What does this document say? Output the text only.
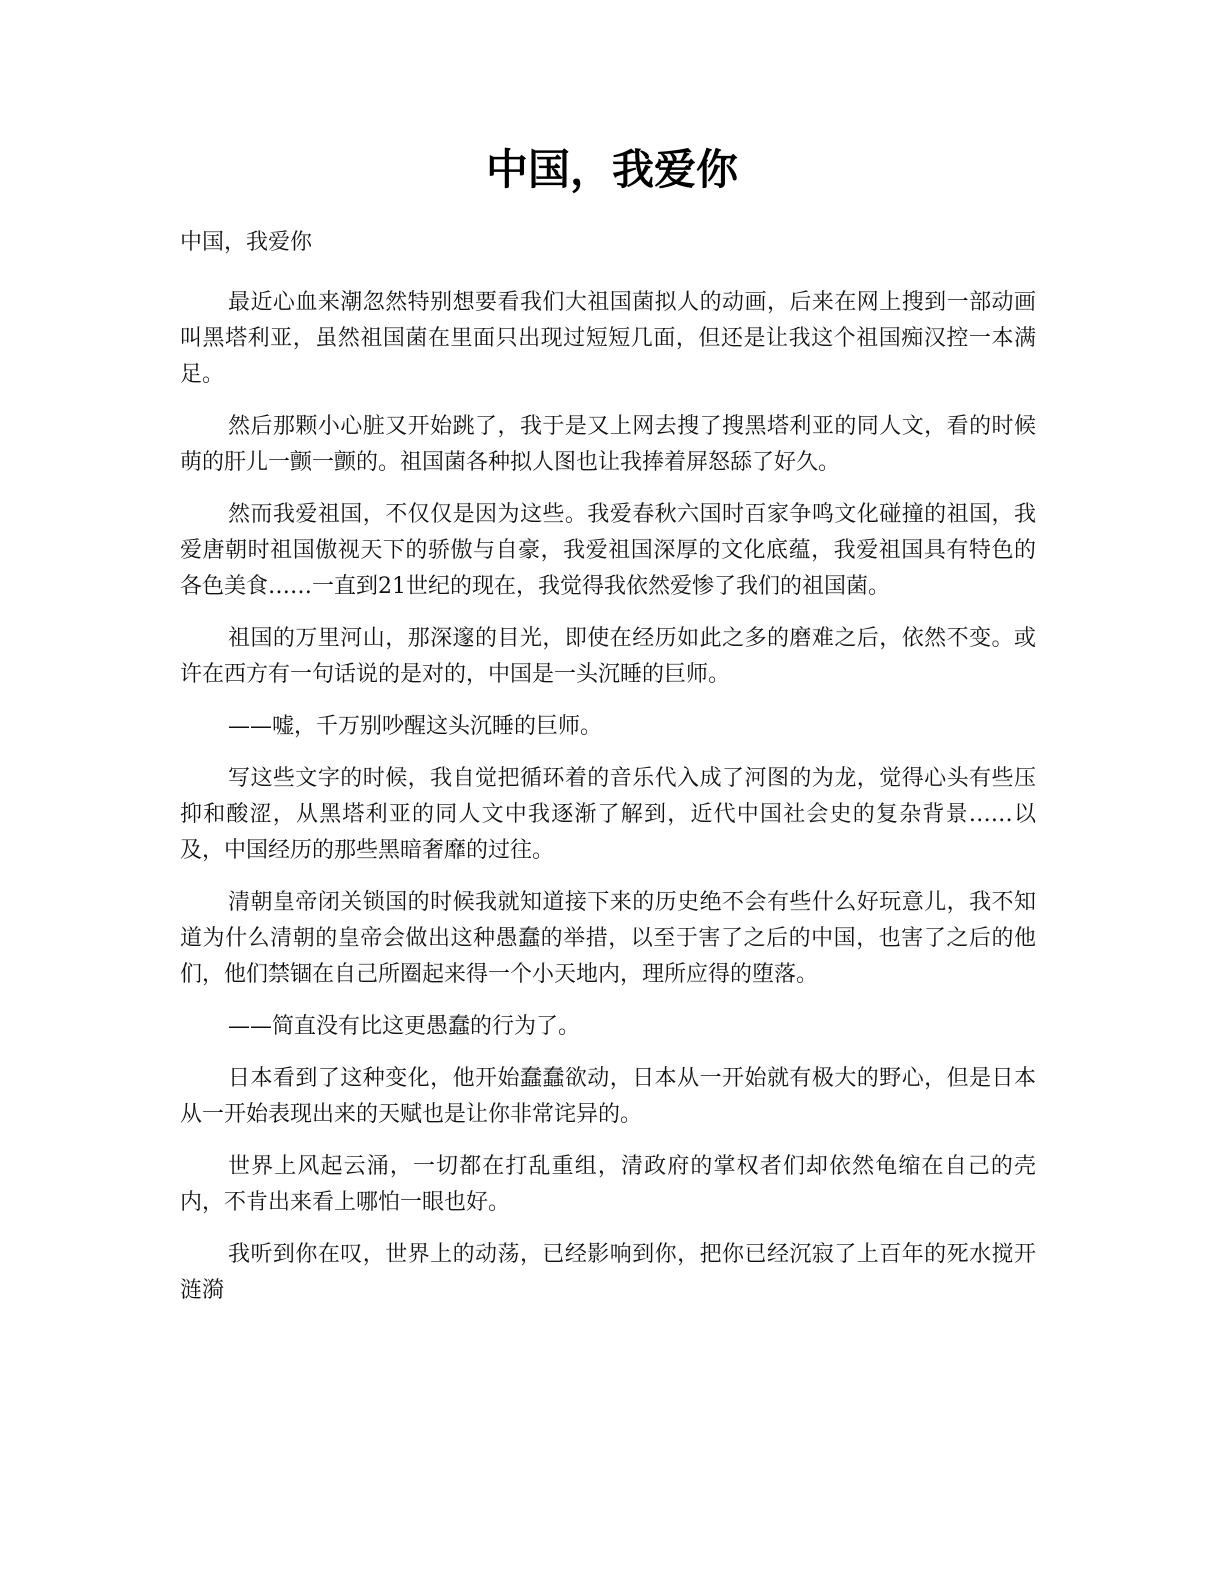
中国，我爱你

中国，我爱你

最近心血来潮忽然特别想要看我们大祖国菌拟人的动画，后来在网上搜到一部动画叫黑塔利亚，虽然祖国菌在里面只出现过短短几面，但还是让我这个祖国痴汉控一本满足。

然后那颗小心脏又开始跳了，我于是又上网去搜了搜黑塔利亚的同人文，看的时候萌的肝儿一颤一颤的。祖国菌各种拟人图也让我捧着屏怒舔了好久。

然而我爱祖国，不仅仅是因为这些。我爱春秋六国时百家争鸣文化碰撞的祖国，我爱唐朝时祖国傲视天下的骄傲与自豪，我爱祖国深厚的文化底蕴，我爱祖国具有特色的各色美食……一直到21世纪的现在，我觉得我依然爱惨了我们的祖国菌。

祖国的万里河山，那深邃的目光，即使在经历如此之多的磨难之后，依然不变。或许在西方有一句话说的是对的，中国是一头沉睡的巨师。

——嘘，千万别吵醒这头沉睡的巨师。

写这些文字的时候，我自觉把循环着的音乐代入成了河图的为龙，觉得心头有些压抑和酸涩，从黑塔利亚的同人文中我逐渐了解到，近代中国社会史的复杂背景……以及，中国经历的那些黑暗奢靡的过往。

清朝皇帝闭关锁国的时候我就知道接下来的历史绝不会有些什么好玩意儿，我不知道为什么清朝的皇帝会做出这种愚蠢的举措，以至于害了之后的中国，也害了之后的他们，他们禁锢在自己所圈起来得一个小天地内，理所应得的堕落。

——简直没有比这更愚蠢的行为了。

日本看到了这种变化，他开始蠢蠢欲动，日本从一开始就有极大的野心，但是日本从一开始表现出来的天赋也是让你非常诧异的。

世界上风起云涌，一切都在打乱重组，清政府的掌权者们却依然龟缩在自己的壳内，不肯出来看上哪怕一眼也好。

我听到你在叹，世界上的动荡，已经影响到你，把你已经沉寂了上百年的死水搅开涟漪
